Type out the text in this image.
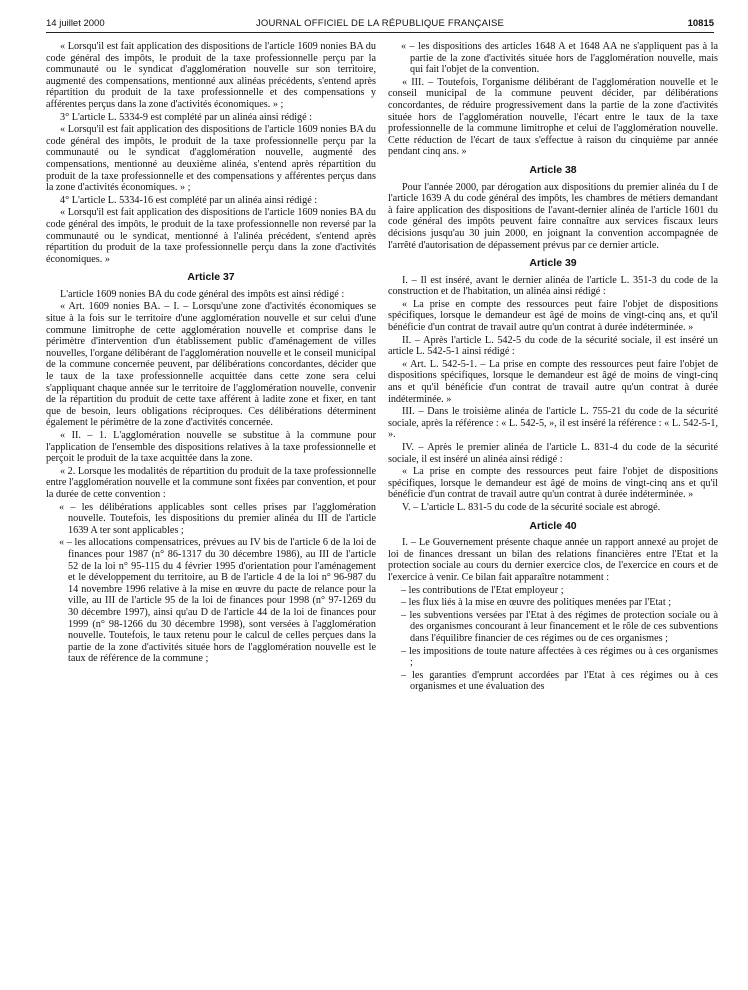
14 juillet 2000	JOURNAL OFFICIEL DE LA RÉPUBLIQUE FRANÇAISE	10815

« Lorsqu'il est fait application des dispositions de l'article 1609 nonies BA du code général des impôts, le produit de la taxe professionnelle perçu par la communauté ou le syndicat d'agglomération nouvelle sur son territoire, augmenté des compensations, mentionné aux alinéas précédents, s'entend après répartition du produit de la taxe professionnelle et des compensations y afférentes perçus dans la zone d'activités économiques. » ;

3° L'article L. 5334-9 est complété par un alinéa ainsi rédigé :

« Lorsqu'il est fait application des dispositions de l'article 1609 nonies BA du code général des impôts, le produit de la taxe professionnelle perçu par la communauté ou le syndicat d'agglomération nouvelle, augmenté des compensations, mentionné au deuxième alinéa, s'entend après répartition du produit de la taxe professionnelle et des compensations y afférentes perçus dans la zone d'activités économiques. » ;

4° L'article L. 5334-16 est complété par un alinéa ainsi rédigé :

« Lorsqu'il est fait application des dispositions de l'article 1609 nonies BA du code général des impôts, le produit de la taxe professionnelle non reversé par la communauté ou le syndicat, mentionné à l'alinéa précédent, s'entend après répartition du produit de la taxe professionnelle perçu dans la zone d'activités économiques. »

Article 37

L'article 1609 nonies BA du code général des impôts est ainsi rédigé :

« Art. 1609 nonies BA. – I. – Lorsqu'une zone d'activités économiques se situe à la fois sur le territoire d'une agglomération nouvelle et sur celui d'une commune limitrophe de cette agglomération nouvelle et comprise dans le périmètre d'intervention d'un établissement public d'aménagement de villes nouvelles, l'organe délibérant de l'agglomération nouvelle et le conseil municipal de la commune concernée peuvent, par délibérations concordantes, décider que le taux de la taxe professionnelle acquittée dans cette zone sera celui s'appliquant chaque année sur le territoire de l'agglomération nouvelle, convenir de la répartition du produit de cette taxe afférent à ladite zone et fixer, en tant que de besoin, leurs obligations réciproques. Ces délibérations déterminent également le périmètre de la zone d'activités concernée.

« II. – 1. L'agglomération nouvelle se substitue à la commune pour l'application de l'ensemble des dispositions relatives à la taxe professionnelle et perçoit le produit de la taxe acquittée dans la zone.

« 2. Lorsque les modalités de répartition du produit de la taxe professionnelle entre l'agglomération nouvelle et la commune sont fixées par convention, et pour la durée de cette convention :

« – les délibérations applicables sont celles prises par l'agglomération nouvelle. Toutefois, les dispositions du premier alinéa du III de l'article 1639 A ter sont applicables ;

« – les allocations compensatrices, prévues au IV bis de l'article 6 de la loi de finances pour 1987 (n° 86-1317 du 30 décembre 1986), au III de l'article 52 de la loi n° 95-115 du 4 février 1995 d'orientation pour l'aménagement et le développement du territoire, au B de l'article 4 de la loi n° 96-987 du 14 novembre 1996 relative à la mise en œuvre du pacte de relance pour la ville, au III de l'article 95 de la loi de finances pour 1998 (n° 97-1269 du 30 décembre 1997), ainsi qu'au D de l'article 44 de la loi de finances pour 1999 (n° 98-1266 du 30 décembre 1998), sont versées à l'agglomération nouvelle. Toutefois, le taux retenu pour le calcul de celles perçues dans la partie de la zone d'activités située hors de l'agglomération nouvelle est le taux de référence de la commune ;

« – les dispositions des articles 1648 A et 1648 AA ne s'appliquent pas à la partie de la zone d'activités située hors de l'agglomération nouvelle, mais qui fait l'objet de la convention.

« III. – Toutefois, l'organisme délibérant de l'agglomération nouvelle et le conseil municipal de la commune peuvent décider, par délibérations concordantes, de réduire progressivement dans la partie de la zone d'activités située hors de l'agglomération nouvelle, l'écart entre le taux de la taxe professionnelle de la commune limitrophe et celui de l'agglomération nouvelle. Cette réduction de l'écart de taux s'effectue à raison du cinquième par année pendant cinq ans. »

Article 38

Pour l'année 2000, par dérogation aux dispositions du premier alinéa du I de l'article 1639 A du code général des impôts, les chambres de métiers demandant à faire application des dispositions de l'avant-dernier alinéa de l'article 1601 du code général des impôts peuvent faire connaître aux services fiscaux leurs décisions jusqu'au 30 juin 2000, en joignant la convention accompagnée de l'arrêté d'autorisation de dépassement prévus par ce dernier article.

Article 39

I. – Il est inséré, avant le dernier alinéa de l'article L. 351-3 du code de la construction et de l'habitation, un alinéa ainsi rédigé :

« La prise en compte des ressources peut faire l'objet de dispositions spécifiques, lorsque le demandeur est âgé de moins de vingt-cinq ans, et qu'il bénéficie d'un contrat de travail autre qu'un contrat à durée indéterminée. »

II. – Après l'article L. 542-5 du code de la sécurité sociale, il est inséré un article L. 542-5-1 ainsi rédigé :

« Art. L. 542-5-1. – La prise en compte des ressources peut faire l'objet de dispositions spécifiques, lorsque le demandeur est âgé de moins de vingt-cinq ans et qu'il bénéficie d'un contrat de travail autre qu'un contrat à durée indéterminée. »

III. – Dans le troisième alinéa de l'article L. 755-21 du code de la sécurité sociale, après la référence : « L. 542-5, », il est inséré la référence : « L. 542-5-1, ».

IV. – Après le premier alinéa de l'article L. 831-4 du code de la sécurité sociale, il est inséré un alinéa ainsi rédigé :

« La prise en compte des ressources peut faire l'objet de dispositions spécifiques, lorsque le demandeur est âgé de moins de vingt-cinq ans et qu'il bénéficie d'un contrat de travail autre qu'un contrat à durée indéterminée. »

V. – L'article L. 831-5 du code de la sécurité sociale est abrogé.

Article 40

I. – Le Gouvernement présente chaque année un rapport annexé au projet de loi de finances dressant un bilan des relations financières entre l'Etat et la protection sociale au cours du dernier exercice clos, de l'exercice en cours et de l'exercice à venir. Ce bilan fait apparaître notamment :

– les contributions de l'Etat employeur ;

– les flux liés à la mise en œuvre des politiques menées par l'Etat ;

– les subventions versées par l'Etat à des régimes de protection sociale ou à des organismes concourant à leur financement et le rôle de ces subventions dans l'équilibre financier de ces régimes ou de ces organismes ;

– les impositions de toute nature affectées à ces régimes ou à ces organismes ;

– les garanties d'emprunt accordées par l'Etat à ces régimes ou à ces organismes et une évaluation des
